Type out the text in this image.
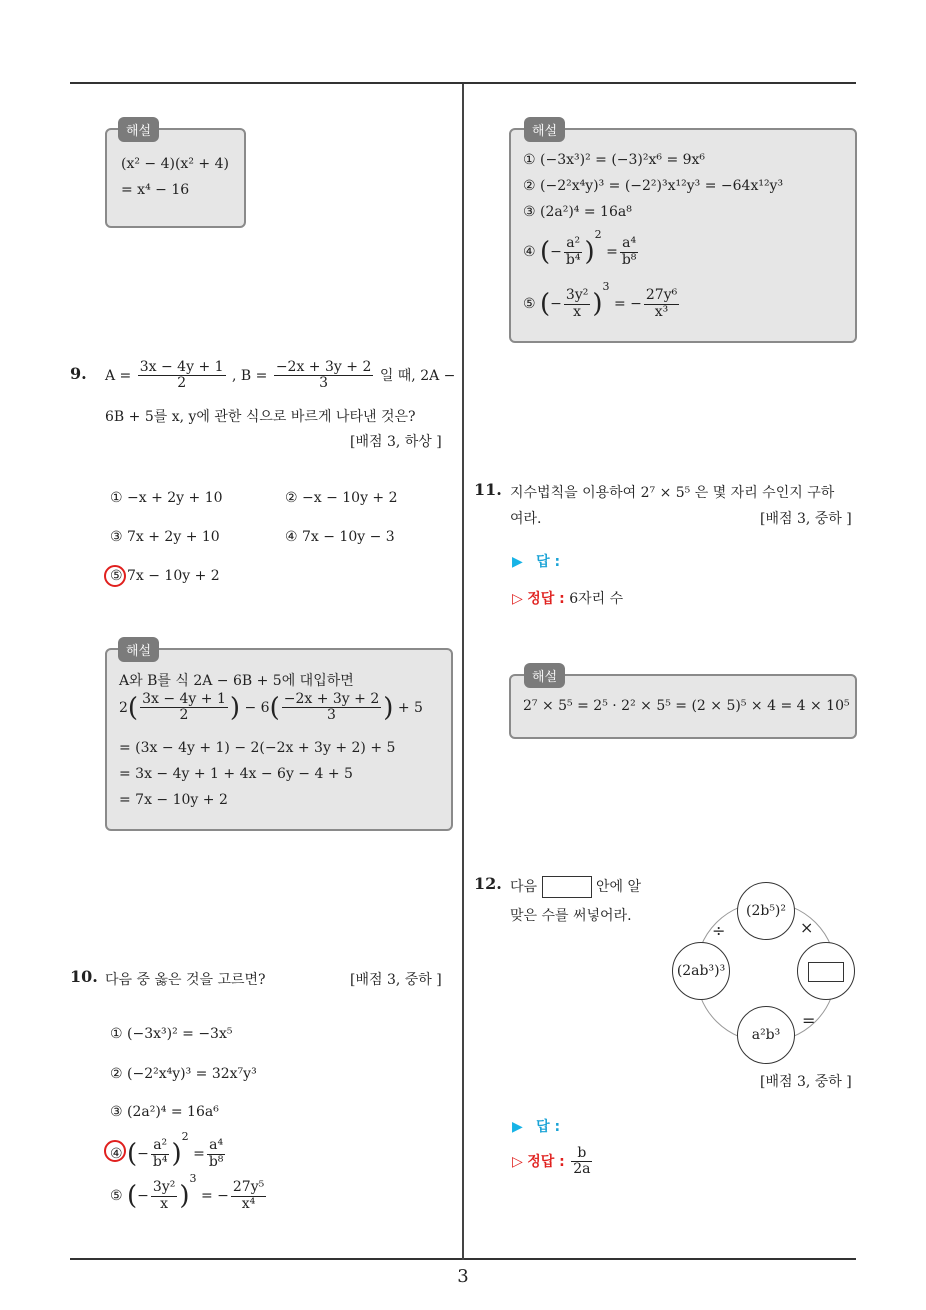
(x² − 4)(x² + 4)
= x⁴ − 16
해설
9. $A = \frac{3x - 4y + 1}{2}$ , $B = \frac{-2x + 3y + 2}{3}$ 일 때, 2A −
6B + 5를 x, y에 관한 식으로 바르게 나타낸 것은?
[배점 3, 하상 ]
① −x + 2y + 10	② −x − 10y + 2
③ 7x + 2y + 10	④ 7x − 10y − 3
⑤ 7x − 10y + 2
A와 B를 식 2A − 6B + 5에 대입하면
$2( \frac{3x - 4y + 1}{2}$ ) − $6( \frac{-2x + 3y + 2}{3}$ ) + 5
= (3x − 4y + 1) − 2(−2x + 3y + 2) + 5
= 3x − 4y + 1 + 4x − 6y − 4 + 5
= 7x − 10y + 2
해설
10. 다음 중 옳은 것을 고르면?	[배점 3, 중하 ]
① (−3x³)² = −3x⁵
② (−2²x⁴y)³ = 32x⁷y³
③ (2a²)⁴ = 16a⁶
④ (− $\frac{\text{a²}}{\text{b⁴}} )^2 = \frac{\text{a⁴}}{\text{b⁸}}$
⑤ (− $\frac{\text{3y²}}{x} )^3$ = − $\frac{\text{27y⁵}}{\text{x⁴}}$
① (−3x³)² = (−3)²x⁶ = 9x⁶
② (−2²x⁴y)³ = (−2²)³x¹²y³ = −64x¹²y³
③ (2a²)⁴ = 16a⁸
④ (− $\frac{\text{a²}}{\text{b⁴}} )^2 = \frac{\text{a⁴}}{\text{b⁸}}$
⑤ (− $\frac{\text{3y²}}{x} )^3$ = − $\frac{\text{27y⁶}}{\text{x³}}$
해설
11. 지수법칙을 이용하여 2⁷ × 5⁵ 은 몇 자리 수인지 구하
여라.	[배점 3, 중하 ]
▶ 답 :
▷ 정답 : 6자리 수
2⁷ × 5⁵ = 2⁵ · 2² × 5⁵ = (2 × 5)⁵ × 4 = 4 × 10⁵
해설
12. 다음	안에 알
맞은 수를 써넣어라.	(2b⁵)²
(2ab³)³
a²b³
÷	×
=
[배점 3, 중하 ]
▶ 답 :
▷ 정답 : $\frac{b}{2a}$
3
